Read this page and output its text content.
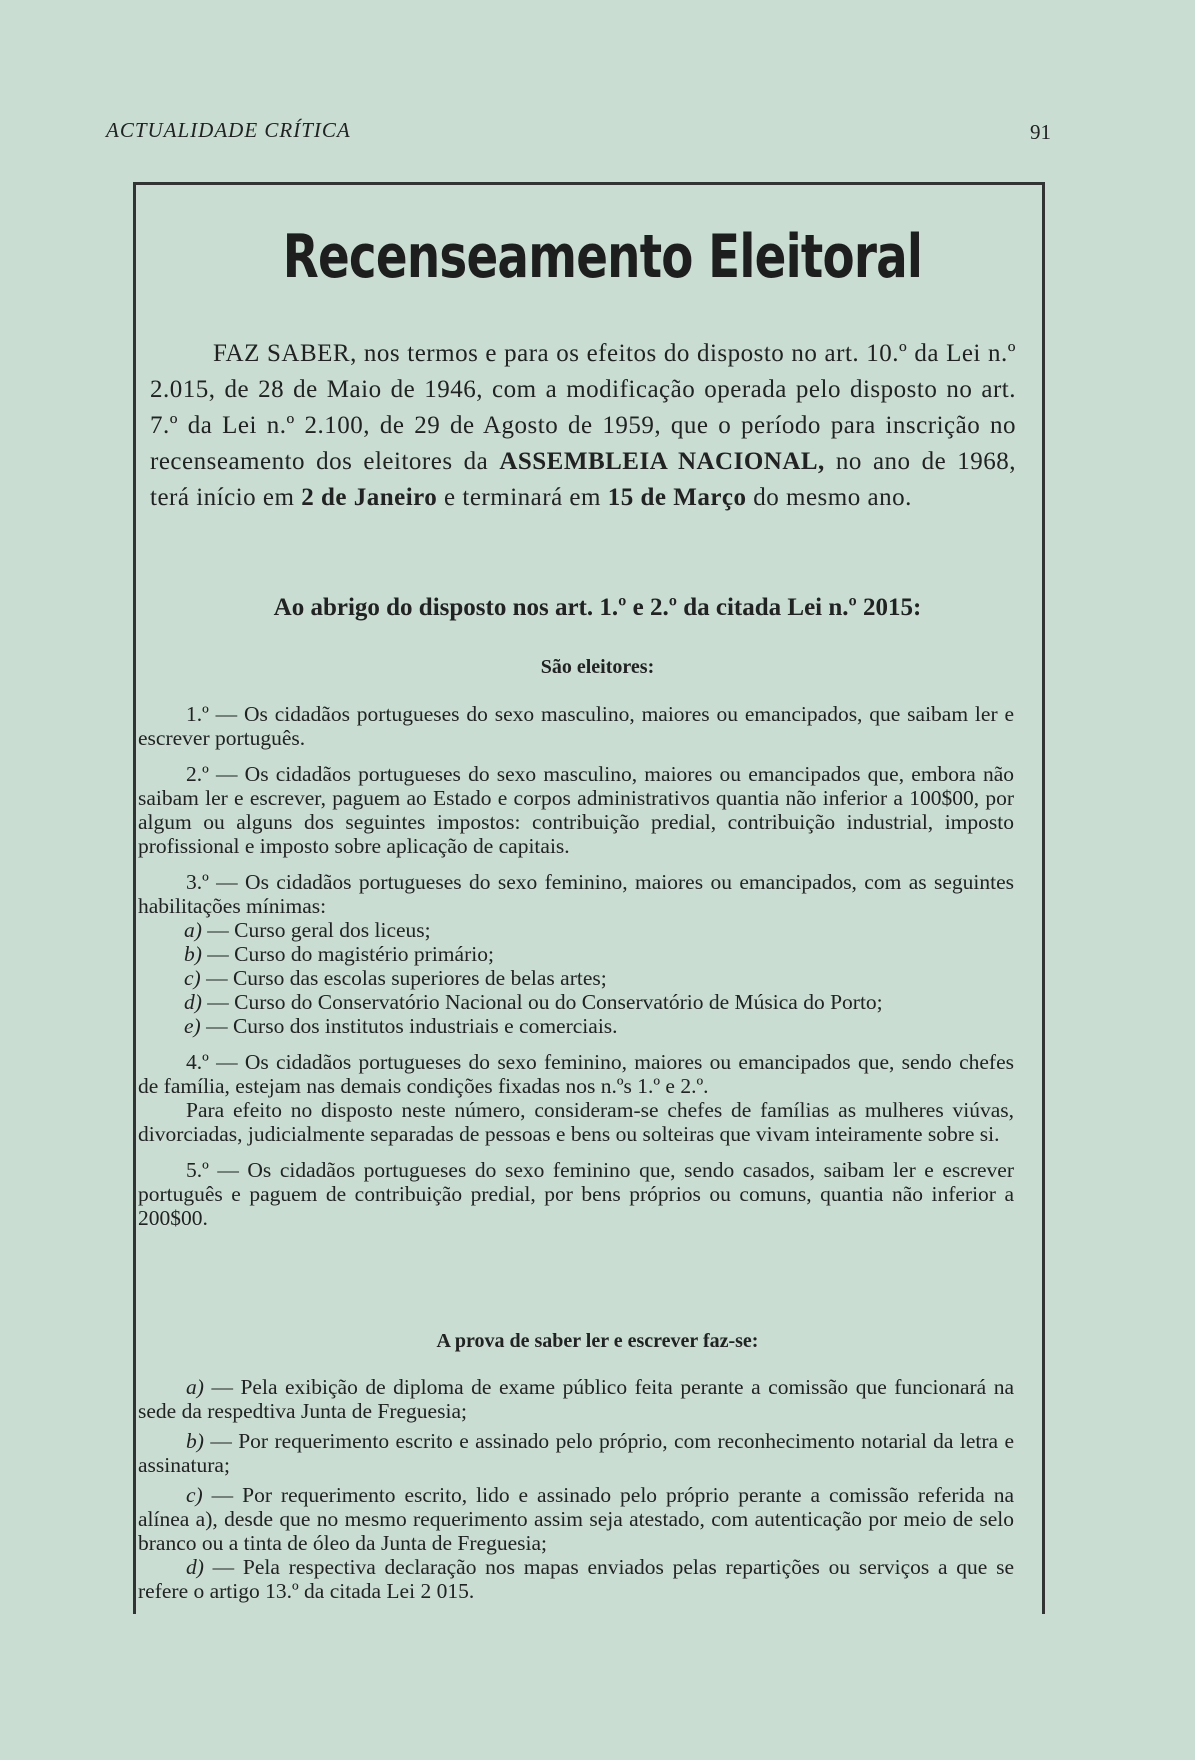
ACTUALIDADE CRÍTICA	91
Recenseamento Eleitoral

FAZ SABER, nos termos e para os efeitos do disposto no art. 10.º da Lei n.º 2.015, de 28 de Maio de 1946, com a modificação operada pelo disposto no art. 7.º da Lei n.º 2.100, de 29 de Agosto de 1959, que o período para inscrição no recenseamento dos eleitores da ASSEMBLEIA NACIONAL, no ano de 1968, terá início em 2 de Janeiro e terminará em 15 de Março do mesmo ano.

Ao abrigo do disposto nos art. 1.º e 2.º da citada Lei n.º 2015:
São eleitores:

1.º — Os cidadãos portugueses do sexo masculino, maiores ou emancipados, que saibam ler e escrever português.

2.º — Os cidadãos portugueses do sexo masculino, maiores ou emancipados que, embora não saibam ler e escrever, paguem ao Estado e corpos administrativos quantia não inferior a 100$00, por algum ou alguns dos seguintes impostos: contribuição predial, contribuição industrial, imposto profissional e imposto sobre aplicação de capitais.

3.º — Os cidadãos portugueses do sexo feminino, maiores ou emancipados, com as seguintes habilitações mínimas:

a) — Curso geral dos liceus;

b) — Curso do magistério primário;

c) — Curso das escolas superiores de belas artes;

d) — Curso do Conservatório Nacional ou do Conservatório de Música do Porto;

e) — Curso dos institutos industriais e comerciais.

4.º — Os cidadãos portugueses do sexo feminino, maiores ou emancipados que, sendo chefes de família, estejam nas demais condições fixadas nos n.ºs 1.º e 2.º.

Para efeito no disposto neste número, consideram-se chefes de famílias as mulheres viúvas, divorciadas, judicialmente separadas de pessoas e bens ou solteiras que vivam inteiramente sobre si.

5.º — Os cidadãos portugueses do sexo feminino que, sendo casados, saibam ler e escrever português e paguem de contribuição predial, por bens próprios ou comuns, quantia não inferior a 200$00.

A prova de saber ler e escrever faz-se:

a) — Pela exibição de diploma de exame público feita perante a comissão que funcionará na sede da respedtiva Junta de Freguesia;

b) — Por requerimento escrito e assinado pelo próprio, com reconhecimento notarial da letra e assinatura;

c) — Por requerimento escrito, lido e assinado pelo próprio perante a comissão referida na alínea a), desde que no mesmo requerimento assim seja atestado, com autenticação por meio de selo branco ou a tinta de óleo da Junta de Freguesia;

d) — Pela respectiva declaração nos mapas enviados pelas repartições ou serviços a que se refere o artigo 13.º da citada Lei 2 015.
